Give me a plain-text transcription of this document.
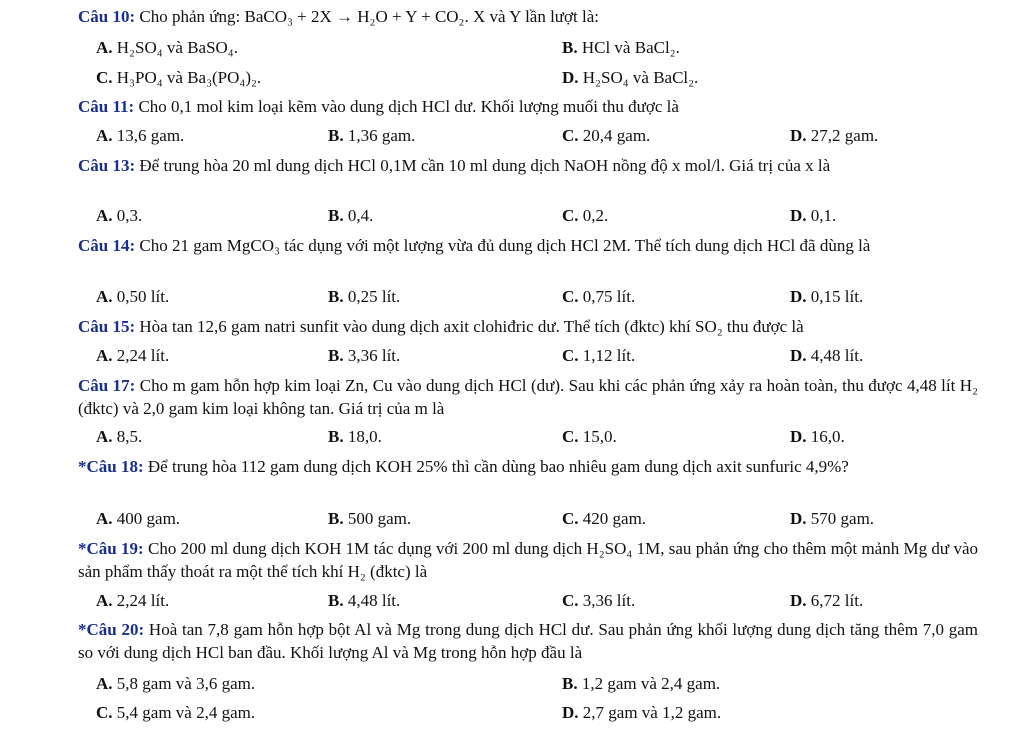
Câu 10: Cho phản ứng: BaCO₃ + 2X → H₂O + Y + CO₂. X và Y lần lượt là:
A. H₂SO₄ và BaSO₄.	B. HCl và BaCl₂.
C. H₃PO₄ và Ba₃(PO₄)₂.	D. H₂SO₄ và BaCl₂.
Câu 11: Cho 0,1 mol kim loại kẽm vào dung dịch HCl dư. Khối lượng muối thu được là
A. 13,6 gam.	B. 1,36 gam.	C. 20,4 gam.	D. 27,2 gam.
Câu 13: Để trung hòa 20 ml dung dịch HCl 0,1M cần 10 ml dung dịch NaOH nồng độ x mol/l. Giá trị của x là
A. 0,3.	B. 0,4.	C. 0,2.	D. 0,1.
Câu 14: Cho 21 gam MgCO₃ tác dụng với một lượng vừa đủ dung dịch HCl 2M. Thể tích dung dịch HCl đã dùng là
A. 0,50 lít.	B. 0,25 lít.	C. 0,75 lít.	D. 0,15 lít.
Câu 15: Hòa tan 12,6 gam natri sunfit vào dung dịch axit clohiđric dư. Thể tích (đktc) khí SO₂ thu được là
A. 2,24 lít.	B. 3,36 lít.	C. 1,12 lít.	D. 4,48 lít.
Câu 17: Cho m gam hỗn hợp kim loại Zn, Cu vào dung dịch HCl (dư). Sau khi các phản ứng xảy ra hoàn toàn, thu được 4,48 lít H₂ (đktc) và 2,0 gam kim loại không tan. Giá trị của m là
A. 8,5.	B. 18,0.	C. 15,0.	D. 16,0.
*Câu 18: Để trung hòa 112 gam dung dịch KOH 25% thì cần dùng bao nhiêu gam dung dịch axit sunfuric 4,9%?
A. 400 gam.	B. 500 gam.	C. 420 gam.	D. 570 gam.
*Câu 19: Cho 200 ml dung dịch KOH 1M tác dụng với 200 ml dung dịch H₂SO₄ 1M, sau phản ứng cho thêm một mảnh Mg dư vào sản phẩm thấy thoát ra một thể tích khí H₂ (đktc) là
A. 2,24 lít.	B. 4,48 lít.	C. 3,36 lít.	D. 6,72 lít.
*Câu 20: Hoà tan 7,8 gam hỗn hợp bột Al và Mg trong dung dịch HCl dư. Sau phản ứng khối lượng dung dịch tăng thêm 7,0 gam so với dung dịch HCl ban đầu. Khối lượng Al và Mg trong hỗn hợp đầu là
A. 5,8 gam và 3,6 gam.	B. 1,2 gam và 2,4 gam.
C. 5,4 gam và 2,4 gam.	D. 2,7 gam và 1,2 gam.
